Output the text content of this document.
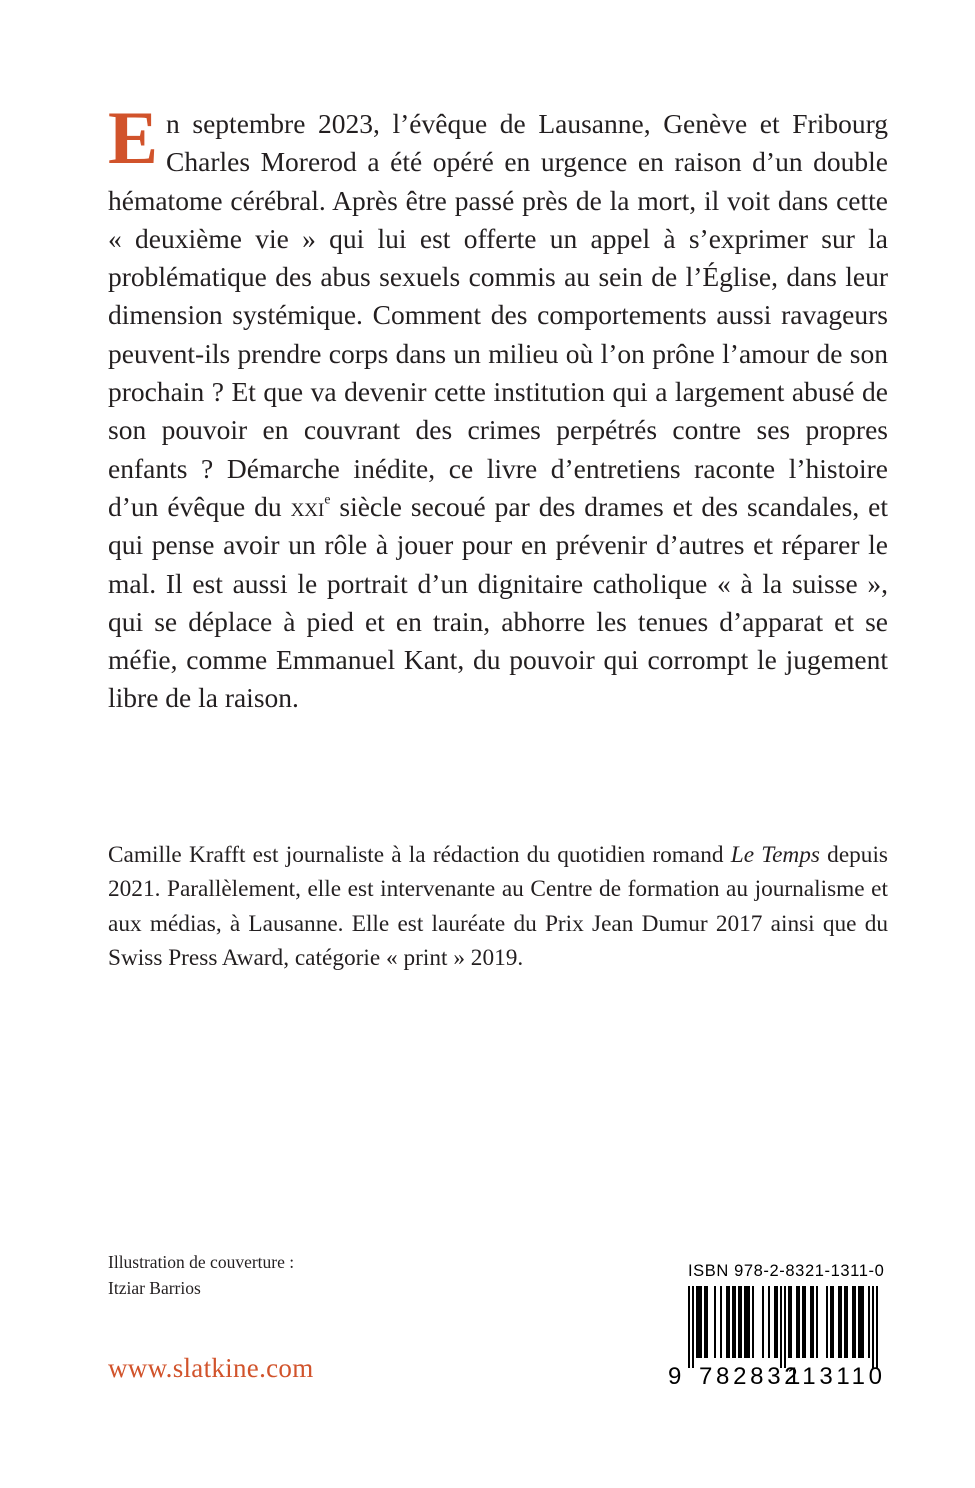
En septembre 2023, l’évêque de Lausanne, Genève et Fribourg Charles Morerod a été opéré en urgence en raison d’un double hématome cérébral. Après être passé près de la mort, il voit dans cette « deuxième vie » qui lui est offerte un appel à s’exprimer sur la problématique des abus sexuels commis au sein de l’Église, dans leur dimension systémique. Comment des comportements aussi ravageurs peuvent-ils prendre corps dans un milieu où l’on prône l’amour de son prochain ? Et que va devenir cette institution qui a largement abusé de son pouvoir en couvrant des crimes perpétrés contre ses propres enfants ? Démarche inédite, ce livre d’entretiens raconte l’histoire d’un évêque du xxi$^e$ siècle secoué par des drames et des scandales, et qui pense avoir un rôle à jouer pour en prévenir d’autres et réparer le mal. Il est aussi le portrait d’un dignitaire catholique « à la suisse », qui se déplace à pied et en train, abhorre les tenues d’apparat et se méfie, comme Emmanuel Kant, du pouvoir qui corrompt le jugement libre de la raison.

Camille Krafft est journaliste à la rédaction du quotidien romand Le Temps depuis 2021. Parallèlement, elle est intervenante au Centre de formation au journalisme et aux médias, à Lausanne. Elle est lauréate du Prix Jean Dumur 2017 ainsi que du Swiss Press Award, catégorie « print » 2019.

Illustration de couverture :
Itziar Barrios
www.slatkine.com
ISBN 978-2-8321-1311-0
9 782832
113110
